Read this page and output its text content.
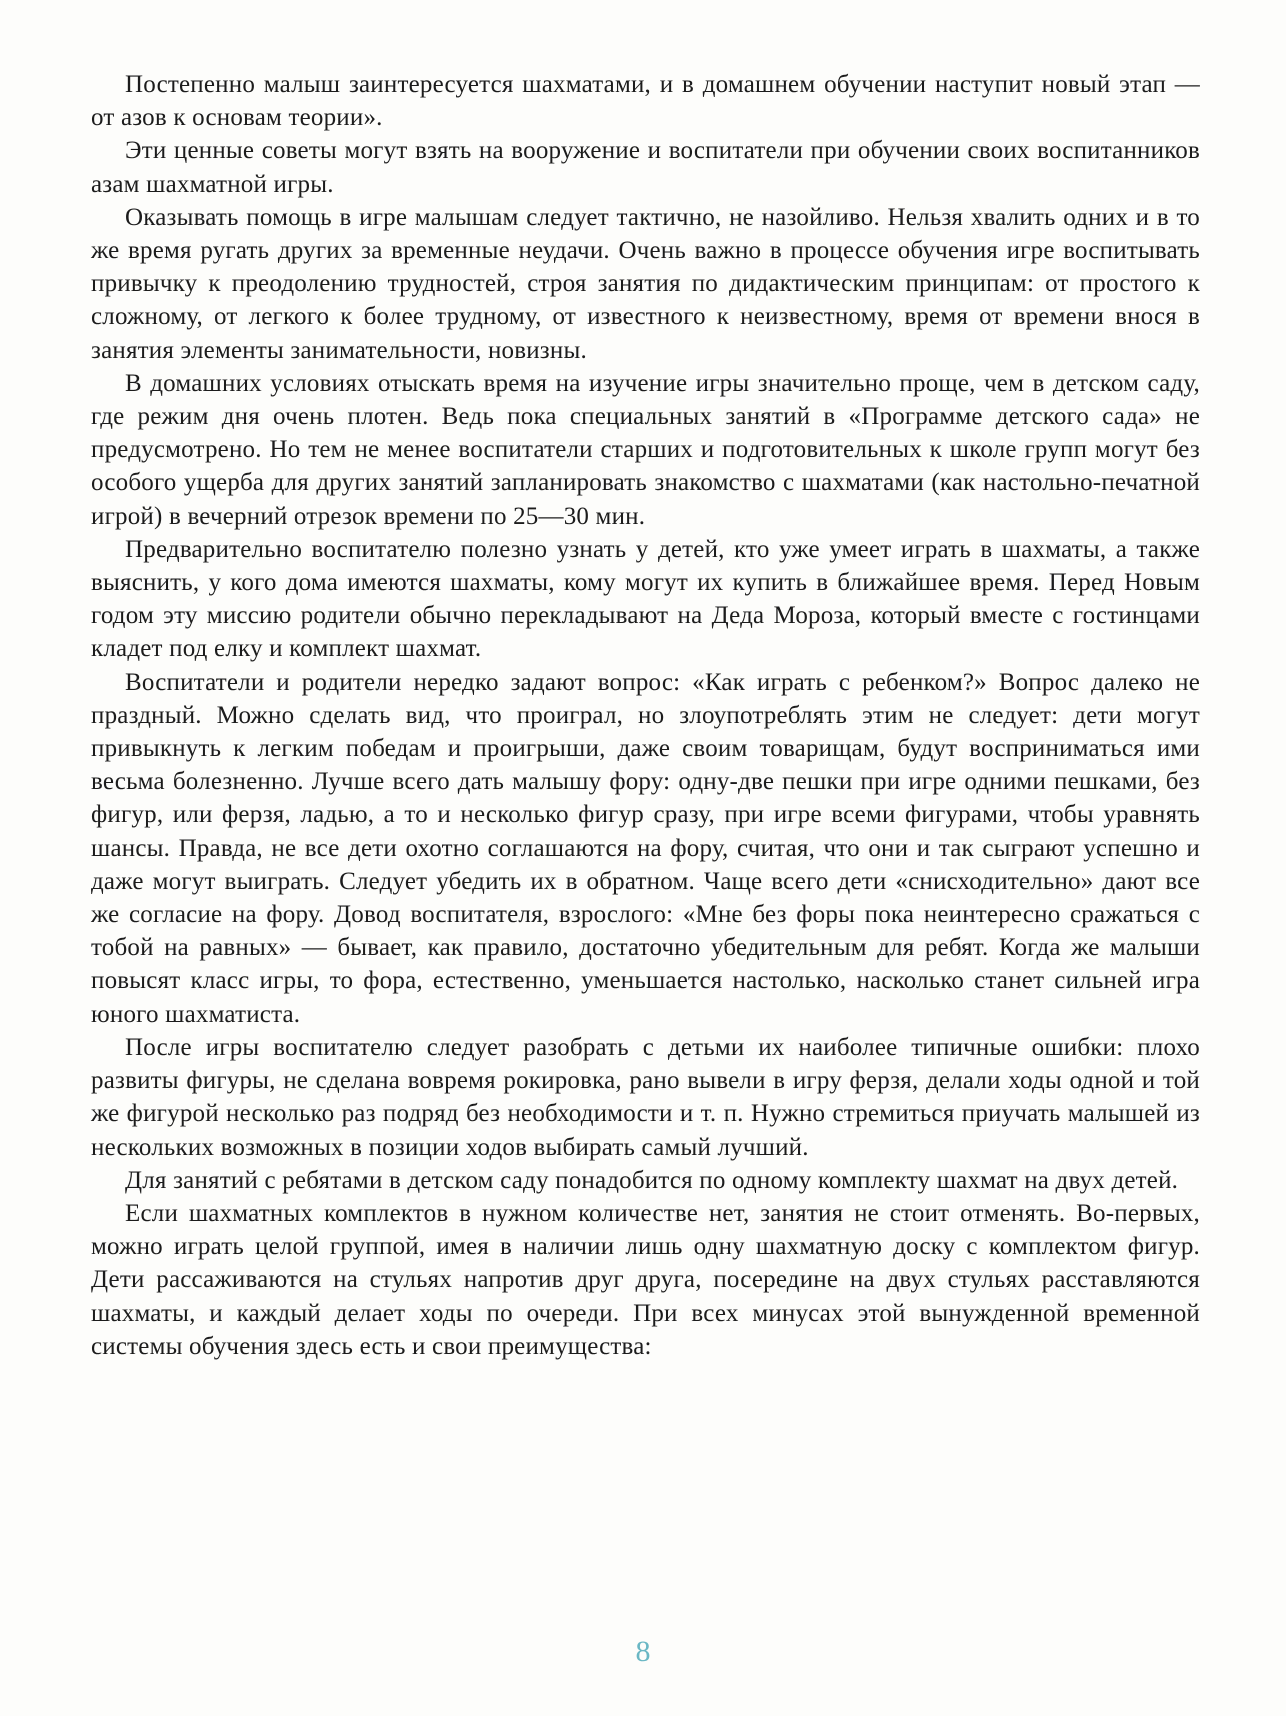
Постепенно малыш заинтересуется шахматами, и в домашнем обучении наступит новый этап — от азов к основам теории».

Эти ценные советы могут взять на вооружение и воспитатели при обучении своих воспитанников азам шахматной игры.

Оказывать помощь в игре малышам следует тактично, не назойливо. Нельзя хвалить одних и в то же время ругать других за временные неудачи. Очень важно в процессе обучения игре воспитывать привычку к преодолению трудностей, строя занятия по дидактическим принципам: от простого к сложному, от легкого к более трудному, от известного к неизвестному, время от времени внося в занятия элементы занимательности, новизны.

В домашних условиях отыскать время на изучение игры значительно проще, чем в детском саду, где режим дня очень плотен. Ведь пока специальных занятий в «Программе детского сада» не предусмотрено. Но тем не менее воспитатели старших и подготовительных к школе групп могут без особого ущерба для других занятий запланировать знакомство с шахматами (как настольно-печатной игрой) в вечерний отрезок времени по 25—30 мин.

Предварительно воспитателю полезно узнать у детей, кто уже умеет играть в шахматы, а также выяснить, у кого дома имеются шахматы, кому могут их купить в ближайшее время. Перед Новым годом эту миссию родители обычно перекладывают на Деда Мороза, который вместе с гостинцами кладет под елку и комплект шахмат.

Воспитатели и родители нередко задают вопрос: «Как играть с ребенком?» Вопрос далеко не праздный. Можно сделать вид, что проиграл, но злоупотреблять этим не следует: дети могут привыкнуть к легким победам и проигрыши, даже своим товарищам, будут восприниматься ими весьма болезненно. Лучше всего дать малышу фору: одну-две пешки при игре одними пешками, без фигур, или ферзя, ладью, а то и несколько фигур сразу, при игре всеми фигурами, чтобы уравнять шансы. Правда, не все дети охотно соглашаются на фору, считая, что они и так сыграют успешно и даже могут выиграть. Следует убедить их в обратном. Чаще всего дети «снисходительно» дают все же согласие на фору. Довод воспитателя, взрослого: «Мне без форы пока неинтересно сражаться с тобой на равных» — бывает, как правило, достаточно убедительным для ребят. Когда же малыши повысят класс игры, то фора, естественно, уменьшается настолько, насколько станет сильней игра юного шахматиста.

После игры воспитателю следует разобрать с детьми их наиболее типичные ошибки: плохо развиты фигуры, не сделана вовремя рокировка, рано вывели в игру ферзя, делали ходы одной и той же фигурой несколько раз подряд без необходимости и т. п. Нужно стремиться приучать малышей из нескольких возможных в позиции ходов выбирать самый лучший.

Для занятий с ребятами в детском саду понадобится по одному комплекту шахмат на двух детей.

Если шахматных комплектов в нужном количестве нет, занятия не стоит отменять. Во-первых, можно играть целой группой, имея в наличии лишь одну шахматную доску с комплектом фигур. Дети рассаживаются на стульях напротив друг друга, посередине на двух стульях расставляются шахматы, и каждый делает ходы по очереди. При всех минусах этой вынужденной временной системы обучения здесь есть и свои преимущества:

8
